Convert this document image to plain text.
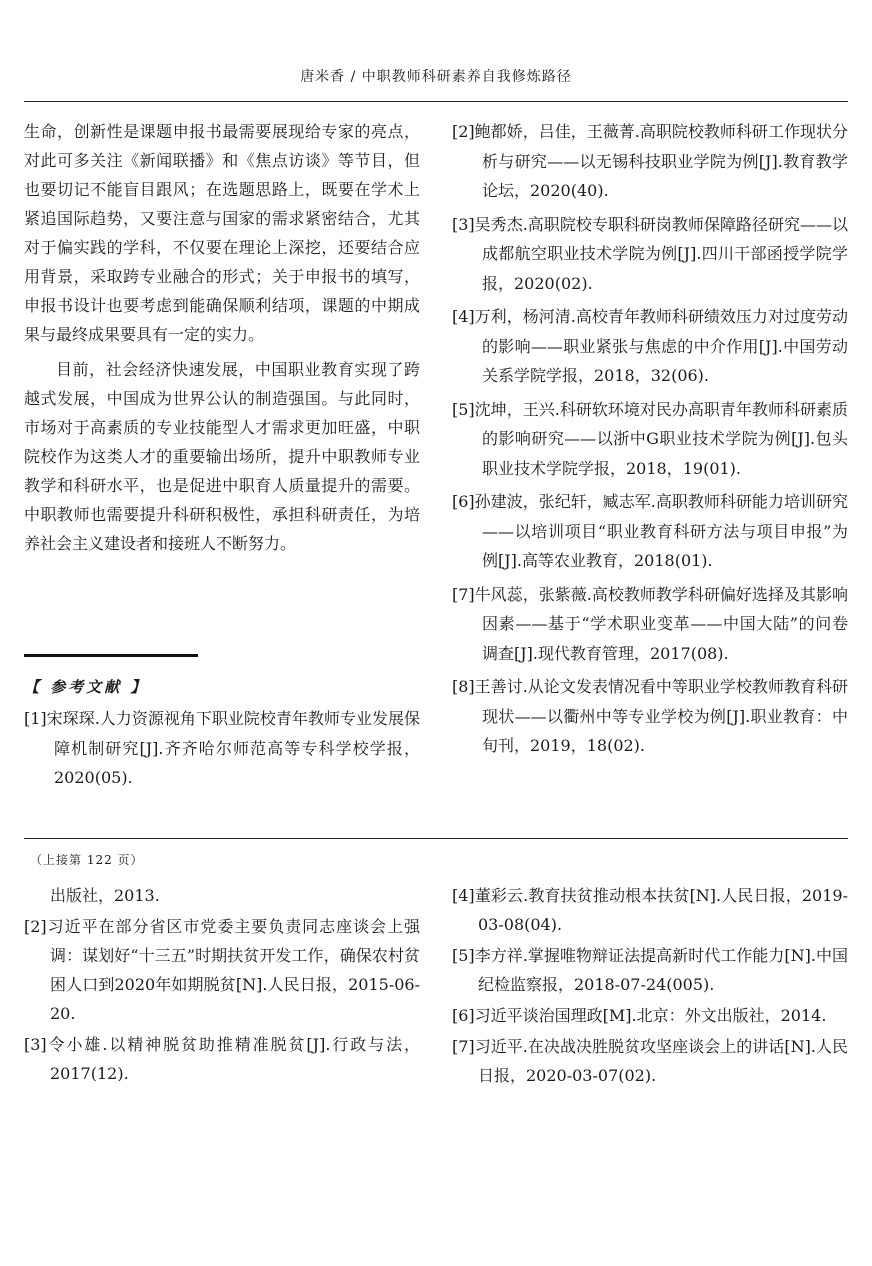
唐米香 / 中职教师科研素养自我修炼路径

生命，创新性是课题申报书最需要展现给专家的亮点，对此可多关注《新闻联播》和《焦点访谈》等节目，但也要切记不能盲目跟风；在选题思路上，既要在学术上紧追国际趋势，又要注意与国家的需求紧密结合，尤其对于偏实践的学科，不仅要在理论上深挖，还要结合应用背景，采取跨专业融合的形式；关于申报书的填写，申报书设计也要考虑到能确保顺利结项，课题的中期成果与最终成果要具有一定的实力。

目前，社会经济快速发展，中国职业教育实现了跨越式发展，中国成为世界公认的制造强国。与此同时，市场对于高素质的专业技能型人才需求更加旺盛，中职院校作为这类人才的重要输出场所，提升中职教师专业教学和科研水平，也是促进中职育人质量提升的需要。中职教师也需要提升科研积极性，承担科研责任，为培养社会主义建设者和接班人不断努力。

【 参考文献 】
[1]宋琛琛.人力资源视角下职业院校青年教师专业发展保障机制研究[J].齐齐哈尔师范高等专科学校学报，2020(05).
[2]鲍都娇，吕佳，王薇菁.高职院校教师科研工作现状分析与研究——以无锡科技职业学院为例[J].教育教学论坛，2020(40).
[3]吴秀杰.高职院校专职科研岗教师保障路径研究——以成都航空职业技术学院为例[J].四川干部函授学院学报，2020(02).
[4]万利，杨河清.高校青年教师科研绩效压力对过度劳动的影响——职业紧张与焦虑的中介作用[J].中国劳动关系学院学报，2018，32(06).
[5]沈坤，王兴.科研软环境对民办高职青年教师科研素质的影响研究——以浙中G职业技术学院为例[J].包头职业技术学院学报，2018，19(01).
[6]孙建波，张纪轩，臧志军.高职教师科研能力培训研究——以培训项目“职业教育科研方法与项目申报”为例[J].高等农业教育，2018(01).
[7]牛风蕊，张紫薇.高校教师教学科研偏好选择及其影响因素——基于“学术职业变革——中国大陆”的问卷调查[J].现代教育管理，2017(08).
[8]王善讨.从论文发表情况看中等职业学校教师教育科研现状——以衢州中等专业学校为例[J].职业教育：中旬刊，2019，18(02).
（上接第 122 页）

出版社，2013.

[2]习近平在部分省区市党委主要负责同志座谈会上强调：谋划好“十三五”时期扶贫开发工作，确保农村贫困人口到2020年如期脱贫[N].人民日报，2015-06-20.
[3]令小雄.以精神脱贫助推精准脱贫[J].行政与法，2017(12).
[4]董彩云.教育扶贫推动根本扶贫[N].人民日报，2019-03-08(04).
[5]李方祥.掌握唯物辩证法提高新时代工作能力[N].中国纪检监察报，2018-07-24(005).
[6]习近平谈治国理政[M].北京：外文出版社，2014.
[7]习近平.在决战决胜脱贫攻坚座谈会上的讲话[N].人民日报，2020-03-07(02).
